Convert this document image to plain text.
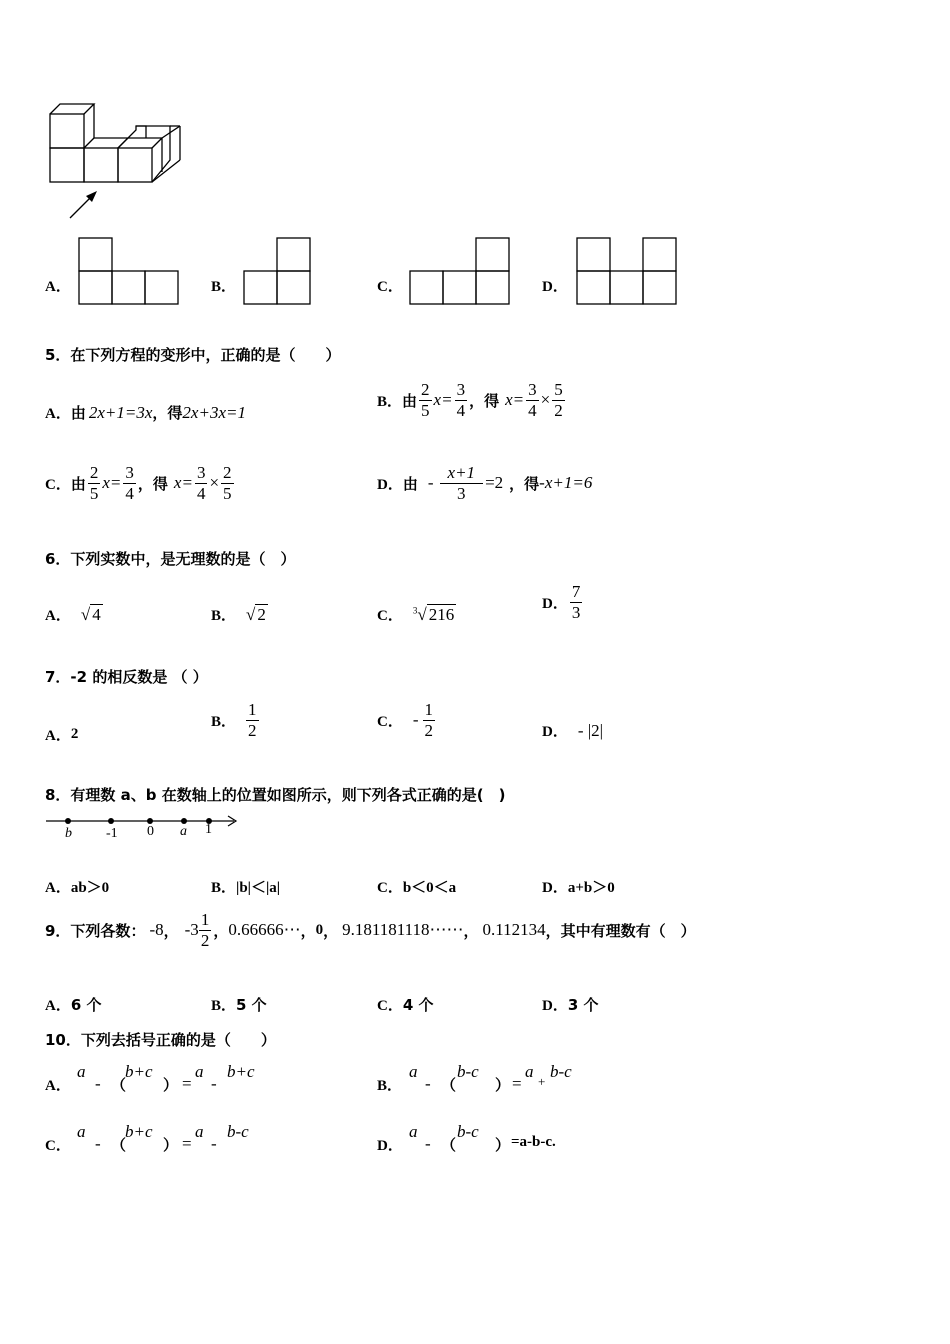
A．	B．	C．	D．
5．在下列方程的变形中，正确的是（　　）
A． 由 2x+1=3x ，得 2x+3x=1
B． 由 $\frac{2}{5} x= \frac{3}{4}$ ，得 $x= \frac{3}{4} \times \frac{5}{2}$
C． 由 $\frac{2}{5} x= \frac{3}{4}$ ，得 $x= \frac{3}{4} \times \frac{2}{5}$	D． 由 - $\frac{x+1}{3} =2$ ，得 -x+1=6
6．下列实数中，是无理数的是（　）
A． √ 4	B． √ 2	C． $^3$√ 216
D． $\frac{7}{3}$
7．-2 的相反数是 （ ）
A． 2
B． $\frac{1}{2}$	C． - $\frac{1}{2}$	D． - |2|
8．有理数 a、b 在数轴上的位置如图所示，则下列各式正确的是(　)
b -1 0 a 1
A． ab＞0	B． |b|＜|a|	C． b＜0＜a	D． a+b＞0
9．下列各数： -8 ， $-3 \frac{1}{2}$ ， 0.66666⋯ ， 0 ， 9.181181118⋯⋯ ， 0.112134 ，其中有理数有（　）
A． 6 个	B． 5 个	C． 4 个	D． 3 个
10．下列去括号正确的是（　　）
A．
a
- （
b+c
） =
a
-
b+c
B．
a
- （
b-c
） =
a
+
b-c
C．
a
- （
b+c
） =
a
-
b-c
D．
a
- （
b-c
） =a-b-c.
